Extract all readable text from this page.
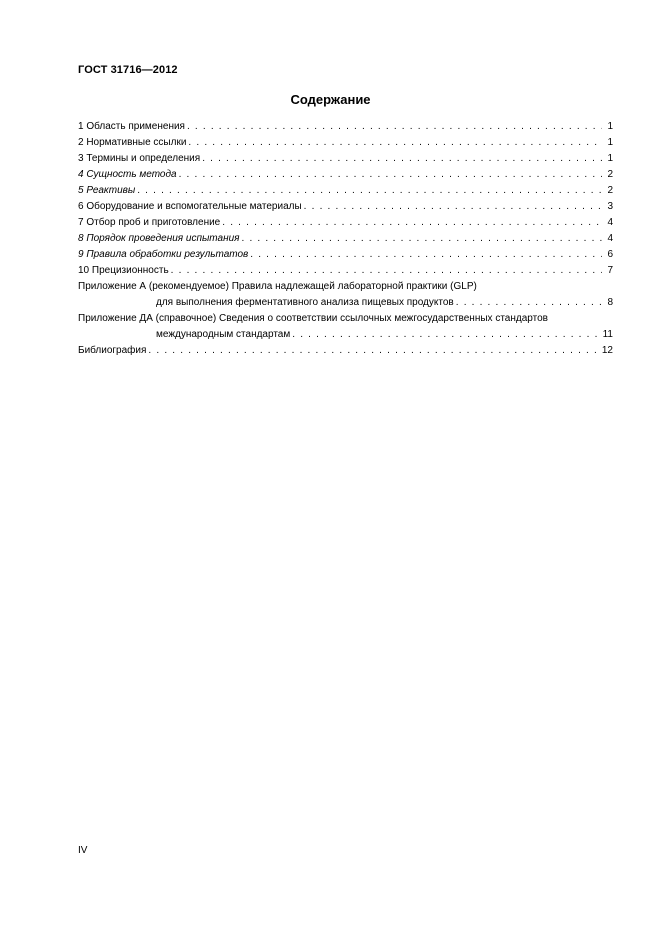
ГОСТ 31716—2012
Содержание
1 Область применения . . .	1
2 Нормативные ссылки . . .	1
3 Термины и определения . . .	1
4 Сущность метода . . .	2
5 Реактивы . . .	2
6 Оборудование и вспомогательные материалы . . .	3
7 Отбор проб и приготовление . . .	4
8 Порядок проведения испытания . . .	4
9 Правила обработки результатов . . .	6
10 Прецизионность . . .	7
Приложение А (рекомендуемое) Правила надлежащей лабораторной практики (GLP)
для выполнения ферментативного анализа пищевых продуктов . . .	8
Приложение ДА (справочное) Сведения о соответствии ссылочных межгосударственных стандартов
международным стандартам . . .	11
Библиография . . .	12
IV
